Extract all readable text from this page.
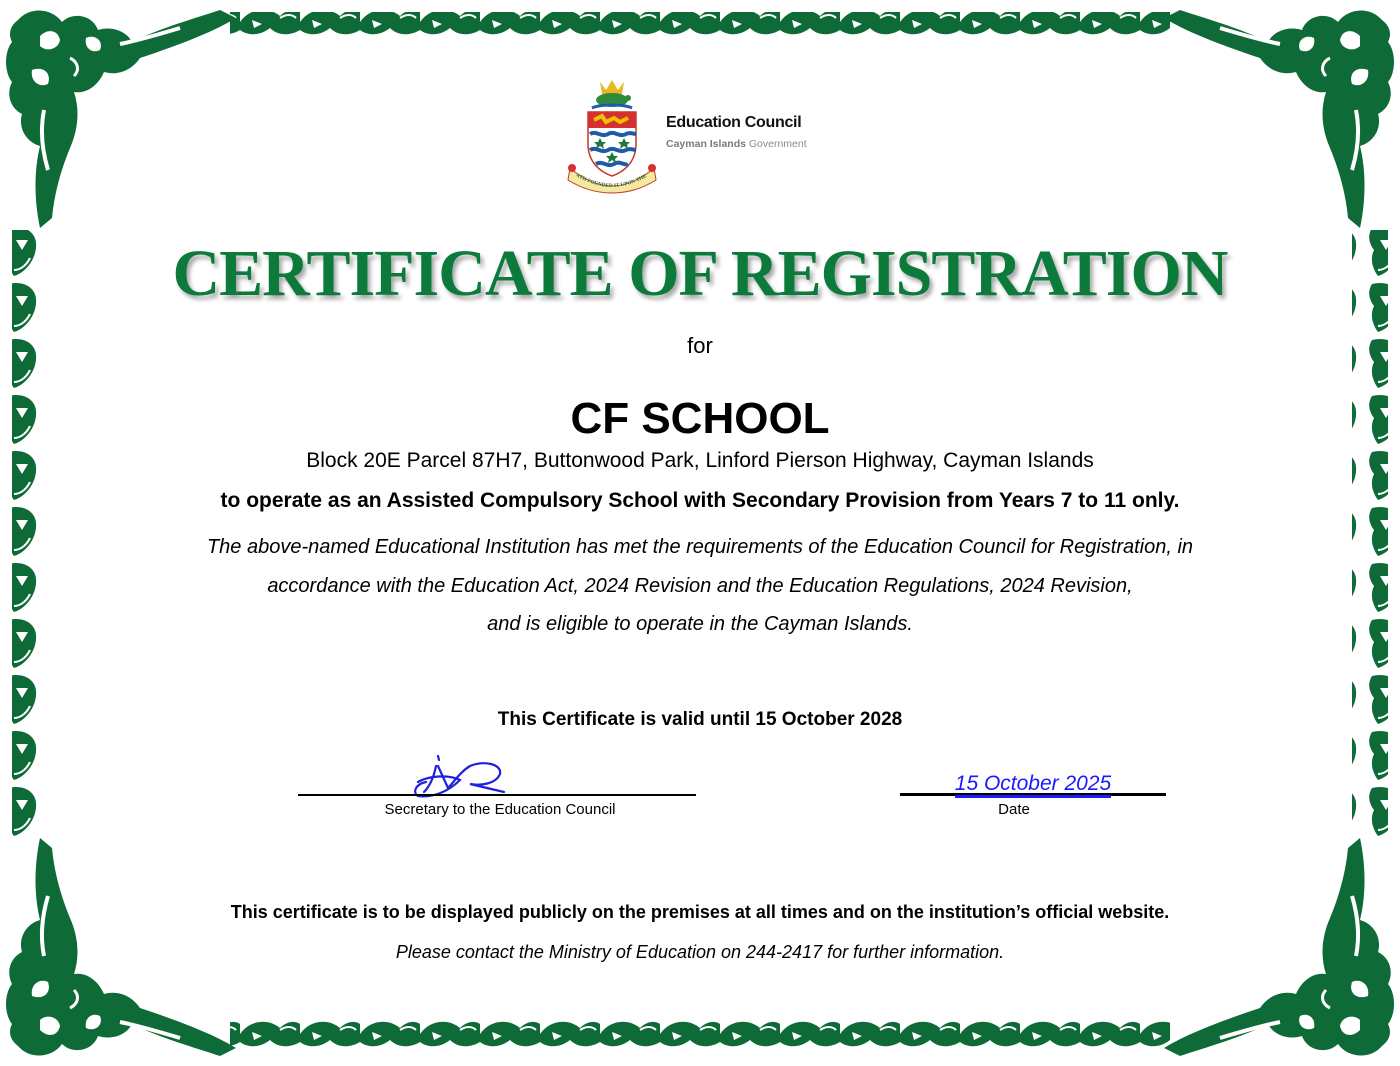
HE HATH FOUNDED IT UPON THE SEAS
Education Council
Cayman Islands Government
CERTIFICATE OF REGISTRATION
for
CF SCHOOL
Block 20E Parcel 87H7, Buttonwood Park, Linford Pierson Highway, Cayman Islands
to operate as an Assisted Compulsory School with Secondary Provision from Years 7 to 11 only.
The above-named Educational Institution has met the requirements of the Education Council for Registration, in
accordance with the Education Act, 2024 Revision and the Education Regulations, 2024 Revision,
and is eligible to operate in the Cayman Islands.
This Certificate is valid until 15 October 2028
Secretary to the Education Council
15 October 2025
Date
This certificate is to be displayed publicly on the premises at all times and on the institution’s official website.
Please contact the Ministry of Education on 244-2417 for further information.
